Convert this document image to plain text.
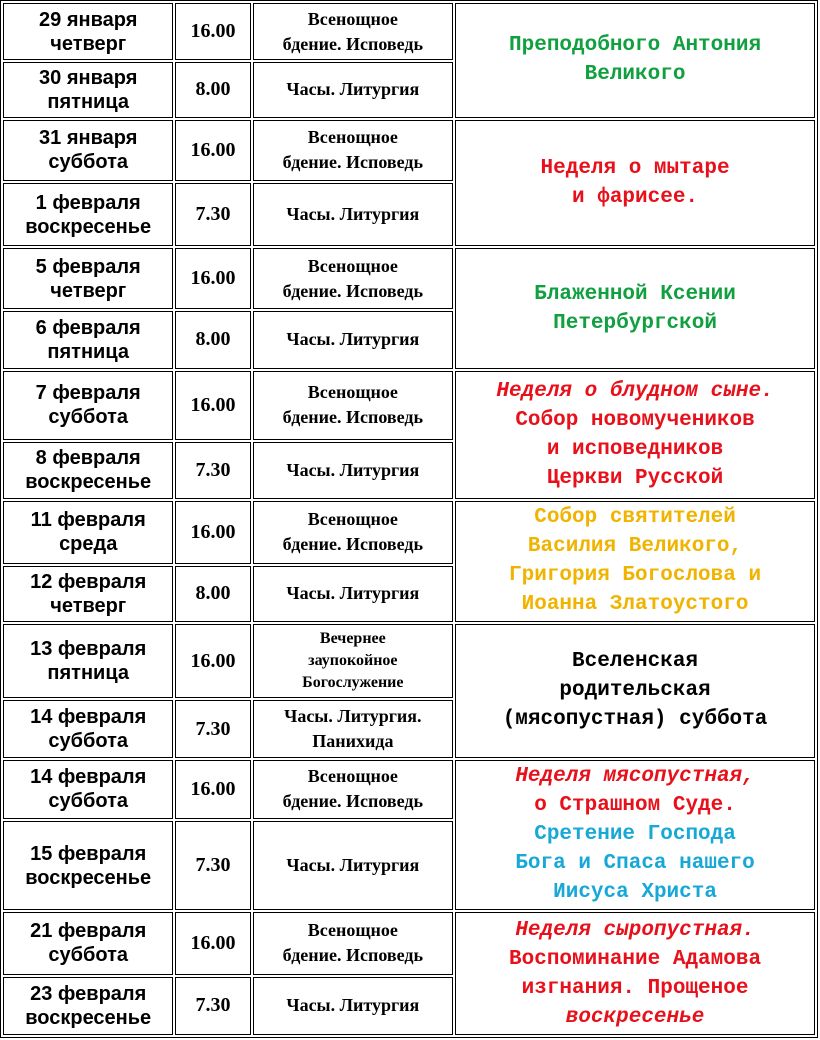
29 января
четверг	16.00	Всенощное
бдение. Исповедь	Преподобного Антония
Великого

30 января
пятница	8.00	Часы. Литургия	

31 января
суббота	16.00	Всенощное
бдение. Исповедь	Неделя о мытаре
и фарисее.

1 февраля
воскресенье	7.30	Часы. Литургия	

5 февраля
четверг	16.00	Всенощное
бдение. Исповедь	Блаженной Ксении
Петербургской

6 февраля
пятница	8.00	Часы. Литургия	

7 февраля
суббота	16.00	Всенощное
бдение. Исповедь	Неделя о блудном сыне.
Собор новомучеников
и исповедников
Церкви Русской

8 февраля
воскресенье	7.30	Часы. Литургия	

11 февраля
среда	16.00	Всенощное
бдение. Исповедь	Собор святителей
Василия Великого,
Григория Богослова и
Иоанна Златоустого

12 февраля
четверг	8.00	Часы. Литургия	

13 февраля
пятница	16.00	Вечернее
заупокойное
Богослужение	Вселенская
родительская
(мясопустная) суббота

14 февраля
суббота	7.30	Часы. Литургия.
Панихида	

14 февраля
суббота	16.00	Всенощное
бдение. Исповедь	Неделя мясопустная,
о Страшном Суде.
Сретение Господа
Бога и Спаса нашего
Иисуса Христа

15 февраля
воскресенье	7.30	Часы. Литургия	

21 февраля
суббота	16.00	Всенощное
бдение. Исповедь	Неделя сыропустная.
Воспоминание Адамова
изгнания. Прощеное
воскресенье

23 февраля
воскресенье	7.30	Часы. Литургия	
